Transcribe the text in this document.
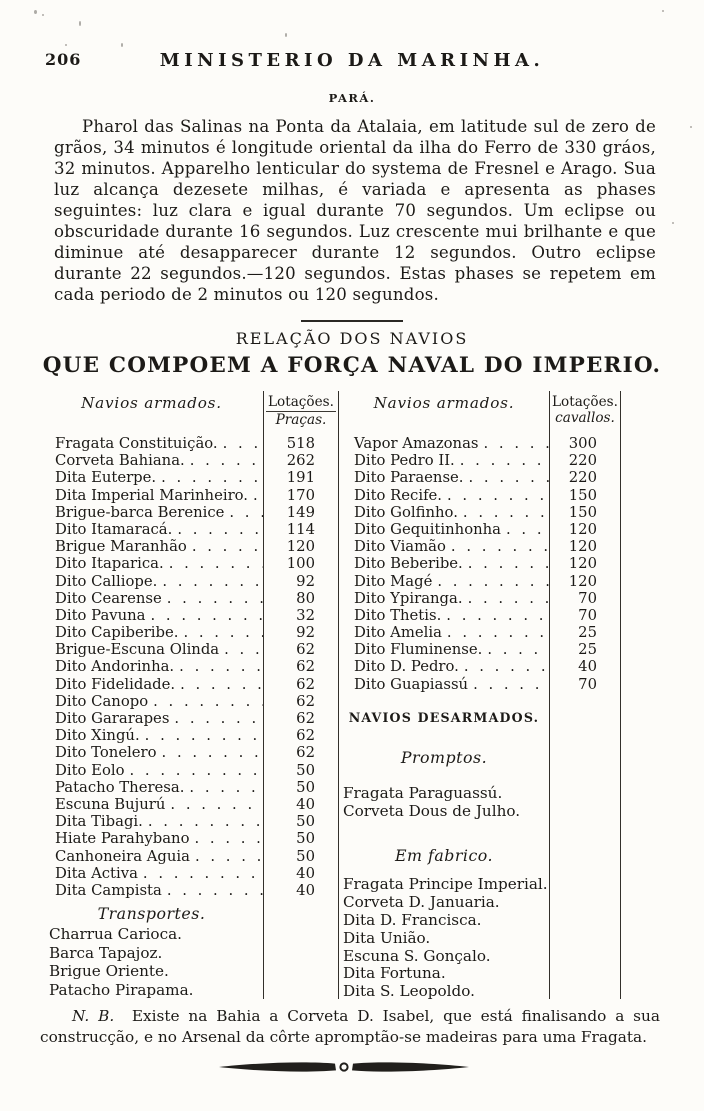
206	MINISTERIO DA MARINHA.
PARÁ.

Pharol das Salinas na Ponta da Atalaia, em latitude sul de zero de grãos, 34 minutos é longitude oriental da ilha do Ferro de 330 gráos, 32 minutos. Apparelho lenticular do systema de Fresnel e Arago. Sua luz alcança dezesete milhas, é variada e apresenta as phases seguintes: luz clara e igual durante 70 segundos. Um eclipse ou obscuridade durante 16 segundos. Luz crescente mui brilhante e que diminue até desapparecer durante 12 segundos. Outro eclipse durante 22 segundos.—120 segundos. Estas phases se repetem em cada periodo de 2 minutos ou 120 segundos.

RELAÇÃO DOS NAVIOS
QUE COMPOEM A FORÇA NAVAL DO IMPERIO.
Navios armados.
Fragata Constituição.
. .
Corveta Bahiana.
. .
Dita Euterpe.
. .
Dita Imperial Marinheiro.
. .
Brigue-barca Berenice
. .
Dito Itamaracá.
. .
Brigue Maranhão
. .
Dito Itaparica.
. .
Dito Calliope.
. .
Dito Cearense
. .
Dito Pavuna
. .
Dito Capiberibe.
. .
Brigue-Escuna Olinda
. .
Dito Andorinha.
. .
Dito Fidelidade.
. .
Dito Canopo
. .
Dito Gararapes
. .
Dito Xingú.
. .
Dito Tonelero
. .
Dito Eolo
. .
Patacho Theresa.
. .
Escuna Bujurú
. .
Dita Tibagi.
. .
Hiate Parahybano
. .
Canhoneira Aguia
. .
Dita Activa
. .
Dita Campista
. .
Transportes.
Charrua Carioca.
Barca Tapajoz.
Brigue Oriente.
Patacho Pirapama.
Lotações.
Praças.
518
262
191
170
149
114
120
100
92
80
32
92
62
62
62
62
62
62
62
50
50
40
50
50
50
40
40
Navios armados.
Vapor Amazonas
. .
Dito Pedro II.
. .
Dito Paraense.
. .
Dito Recife.
. .
Dito Golfinho.
. .
Dito Gequitinhonha
. .
Dito Viamão
. .
Dito Beberibe.
. .
Dito Magé
. .
Dito Ypiranga.
. .
Dito Thetis.
. .
Dito Amelia
. .
Dito Fluminense.
. .
Dito D. Pedro.
. .
Dito Guapiassú
. .
NAVIOS DESARMADOS.
Promptos.
Fragata Paraguassú.
Corveta Dous de Julho.
Em fabrico.
Fragata Principe Imperial.
Corveta D. Januaria.
Dita D. Francisca.
Dita União.
Escuna S. Gonçalo.
Dita Fortuna.
Dita S. Leopoldo.
Lotações.
cavallos.
300
220
220
150
150
120
120
120
120
70
70
25
25
40
70

N. B. Existe na Bahia a Corveta D. Isabel, que está finalisando a sua construcção, e no Arsenal da côrte apromptão-se madeiras para uma Fragata.
